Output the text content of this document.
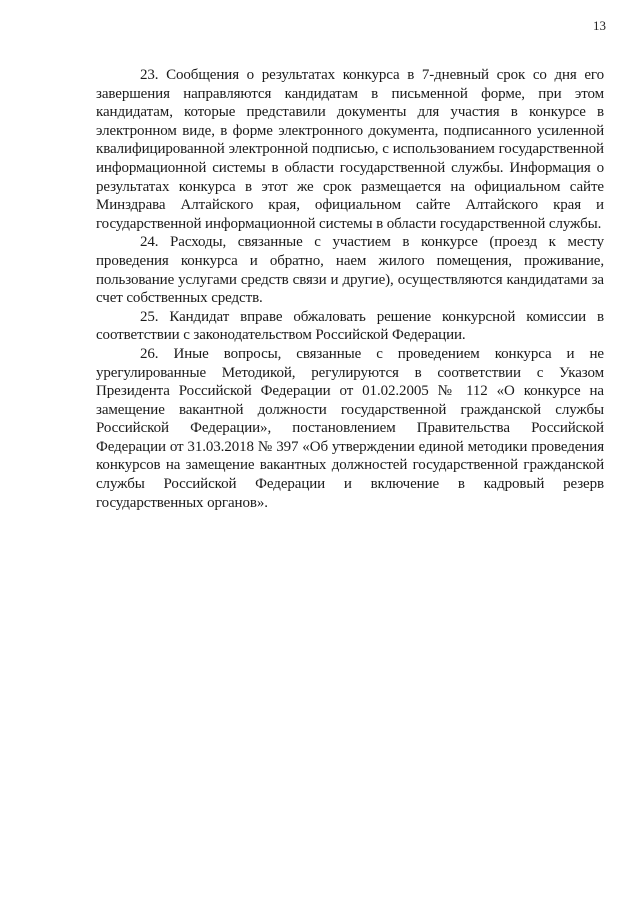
13

23. Сообщения о результатах конкурса в 7-дневный срок со дня его завершения направляются кандидатам в письменной форме, при этом кандидатам, которые представили документы для участия в конкурсе в электронном виде, в форме электронного документа, подписанного усиленной квалифицированной электронной подписью, с использованием государственной информационной системы в области государственной службы. Информация о результатах конкурса в этот же срок размещается на официальном сайте Минздрава Алтайского края, официальном сайте Алтайского края и государственной информационной системы в области государственной службы.

24. Расходы, связанные с участием в конкурсе (проезд к месту проведения конкурса и обратно, наем жилого помещения, проживание, пользование услугами средств связи и другие), осуществляются кандидатами за счет собственных средств.

25. Кандидат вправе обжаловать решение конкурсной комиссии в соответствии с законодательством Российской Федерации.

26. Иные вопросы, связанные с проведением конкурса и не урегулированные Методикой, регулируются в соответствии с Указом Президента Российской Федерации от 01.02.2005 № 112 «О конкурсе на замещение вакантной должности государственной гражданской службы Российской Федерации», постановлением Правительства Российской Федерации от 31.03.2018 № 397 «Об утверждении единой методики проведения конкурсов на замещение вакантных должностей государственной гражданской службы Российской Федерации и включение в кадровый резерв государственных органов».
